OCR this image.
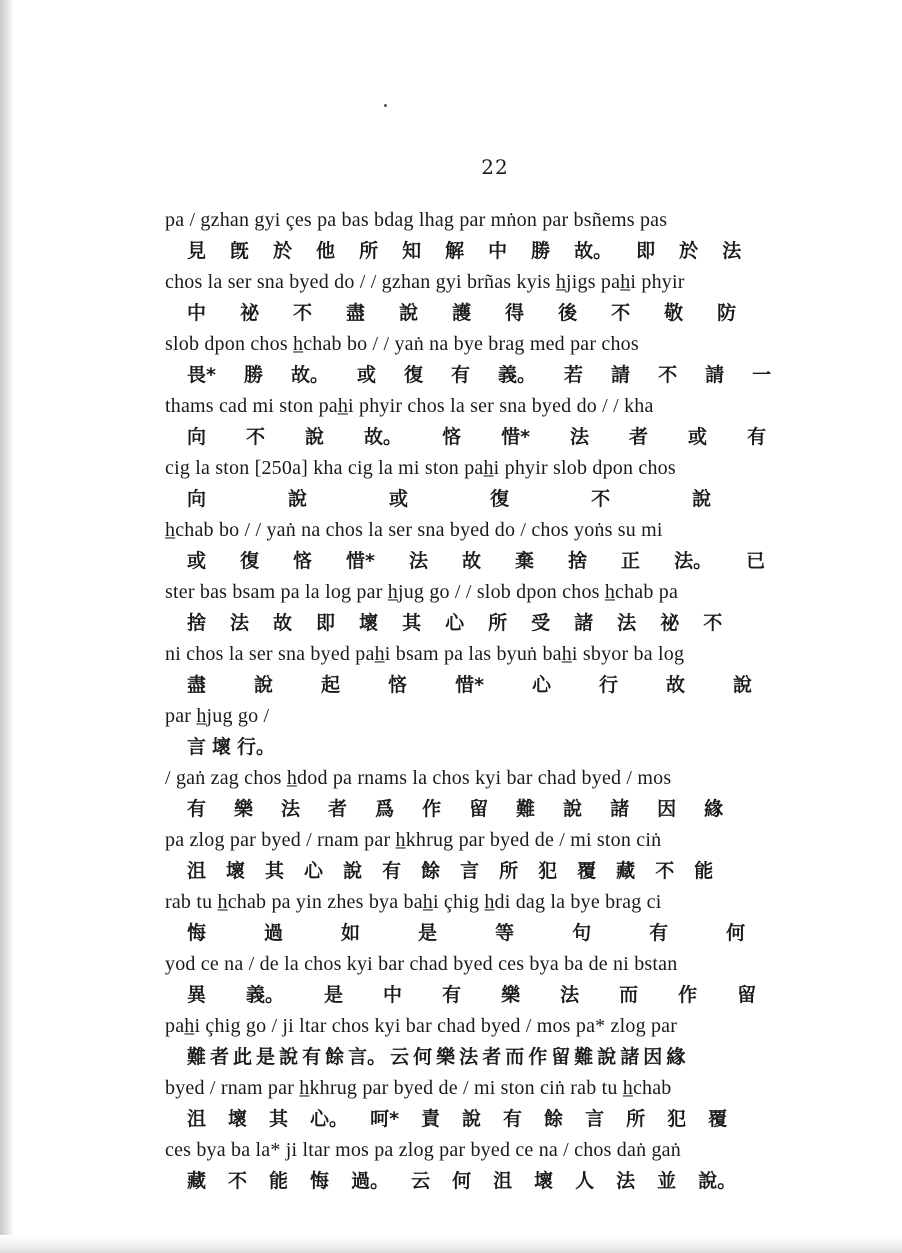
22
pa / gzhan gyi çes pa bas bdag lhag par mṅon par bsñems pas
見 旣 於 他 所 知 解 中 勝 故。 即 於 法
chos la ser sna byed do / / gzhan gyi brñas kyis h̲jigs pah̲i phyir
中 祕 不 盡 說 護 得 後 不 敬 防
slob dpon chos h̲chab bo / / yaṅ na bye brag med par chos
畏* 勝 故。 或 復 有 義。 若 請 不 請 一
thams cad mi ston pah̲i phyir chos la ser sna byed do / / kha
向 不 說 故。 悋 惜* 法 者 或 有
cig la ston [250a] kha cig la mi ston pah̲i phyir slob dpon chos
向	說	或	復	不	說
h̲chab bo / / yaṅ na chos la ser sna byed do / chos yoṅs su mi
或 復 悋 惜* 法 故 棄 捨 正 法。 已
ster bas bsam pa la log par h̲jug go / / slob dpon chos h̲chab pa
捨 法 故 即 壞 其 心 所 受 諸 法 祕 不
ni chos la ser sna byed pah̲i bsam pa las byuṅ bah̲i sbyor ba log
盡	說	起	悋	惜*	心	行	故	說
par h̲jug go /
言 壞 行。
/ gaṅ zag chos h̲dod pa rnams la chos kyi bar chad byed / mos
有 樂 法 者 爲 作 留 難 說 諸 因 緣
pa zlog par byed / rnam par h̲khrug par byed de / mi ston ciṅ
沮 壞 其 心 說 有 餘 言 所 犯 覆 藏 不 能
rab tu h̲chab pa yin zhes bya bah̲i çhig h̲di dag la bye brag ci
悔	過	如	是	等	句	有	何
yod ce na / de la chos kyi bar chad byed ces bya ba de ni bstan
異 義。 是 中 有 樂 法 而 作 留
pah̲i çhig go / ji ltar chos kyi bar chad byed / mos pa* zlog par
難 者 此 是 說 有 餘 言。 云 何 樂 法 者 而 作 留 難 說 諸 因 緣
byed / rnam par h̲khrug par byed de / mi ston ciṅ rab tu h̲chab
沮 壞 其 心。 呵* 責 說 有 餘 言 所 犯 覆
ces bya ba la* ji ltar mos pa zlog par byed ce na / chos daṅ gaṅ
藏 不 能 悔 過。 云 何 沮 壞 人 法 並 說。
